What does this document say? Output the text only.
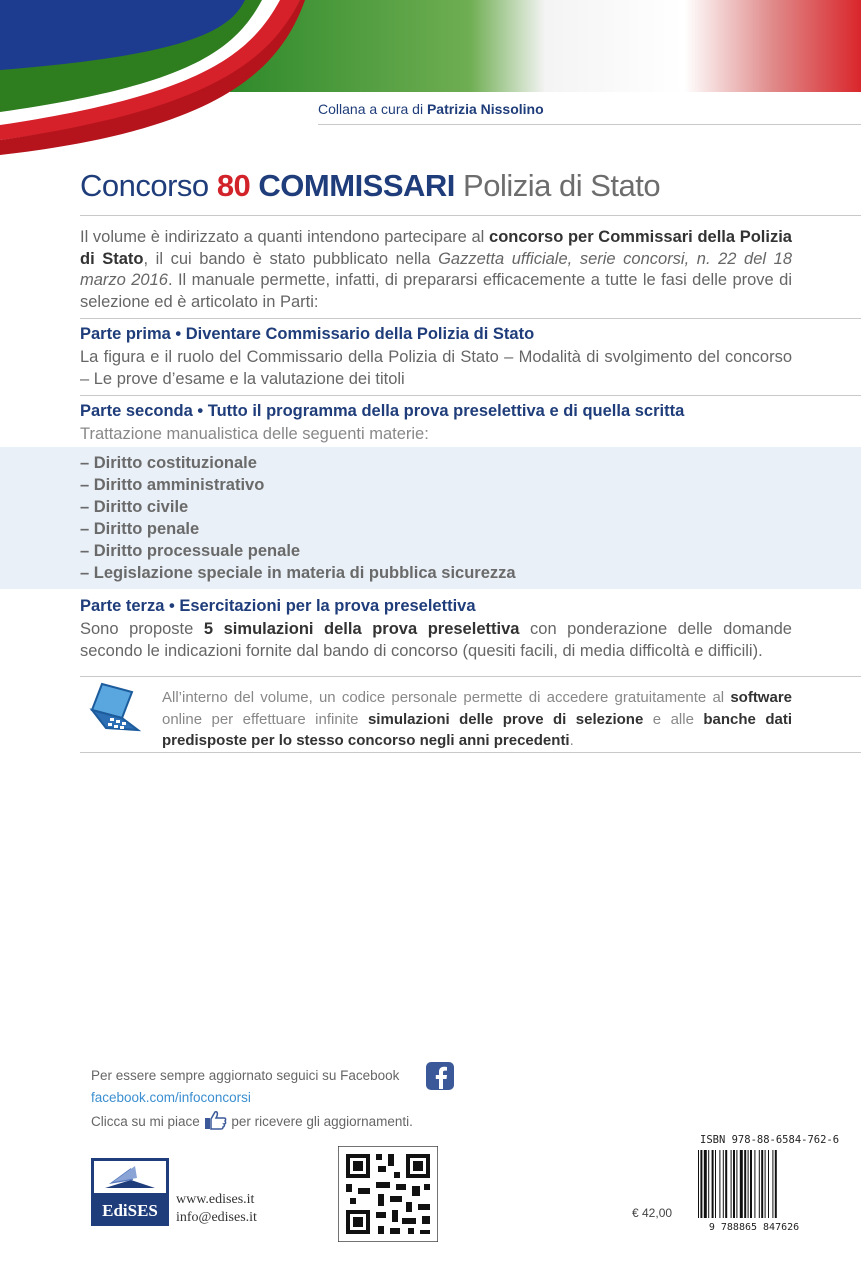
Collana a cura di Patrizia Nissolino
Concorso 80 COMMISSARI Polizia di Stato
Il volume è indirizzato a quanti intendono partecipare al concorso per Commissari della Polizia di Stato, il cui bando è stato pubblicato nella Gazzetta ufficiale, serie concorsi, n. 22 del 18 marzo 2016. Il manuale permette, infatti, di prepararsi efficacemente a tutte le fasi delle prove di selezione ed è articolato in Parti:
Parte prima • Diventare Commissario della Polizia di Stato
La figura e il ruolo del Commissario della Polizia di Stato – Modalità di svolgimento del concorso – Le prove d’esame e la valutazione dei titoli
Parte seconda • Tutto il programma della prova preselettiva e di quella scritta
Trattazione manualistica delle seguenti materie:
– Diritto costituzionale
– Diritto amministrativo
– Diritto civile
– Diritto penale
– Diritto processuale penale
– Legislazione speciale in materia di pubblica sicurezza
Parte terza • Esercitazioni per la prova preselettiva
Sono proposte 5 simulazioni della prova preselettiva con ponderazione delle domande secondo le indicazioni fornite dal bando di concorso (quesiti facili, di media difficoltà e difficili).
All’interno del volume, un codice personale permette di accedere gratuitamente al software online per effettuare infinite simulazioni delle prove di selezione e alle banche dati predisposte per lo stesso concorso negli anni precedenti.
Per essere sempre aggiornato seguici su Facebook
facebook.com/infoconcorsi
Clicca su mi piace per ricevere gli aggiornamenti.
EdiSES
www.edises.it
info@edises.it
ISBN 978-88-6584-762-6
€ 42,00
9 788865 847626
